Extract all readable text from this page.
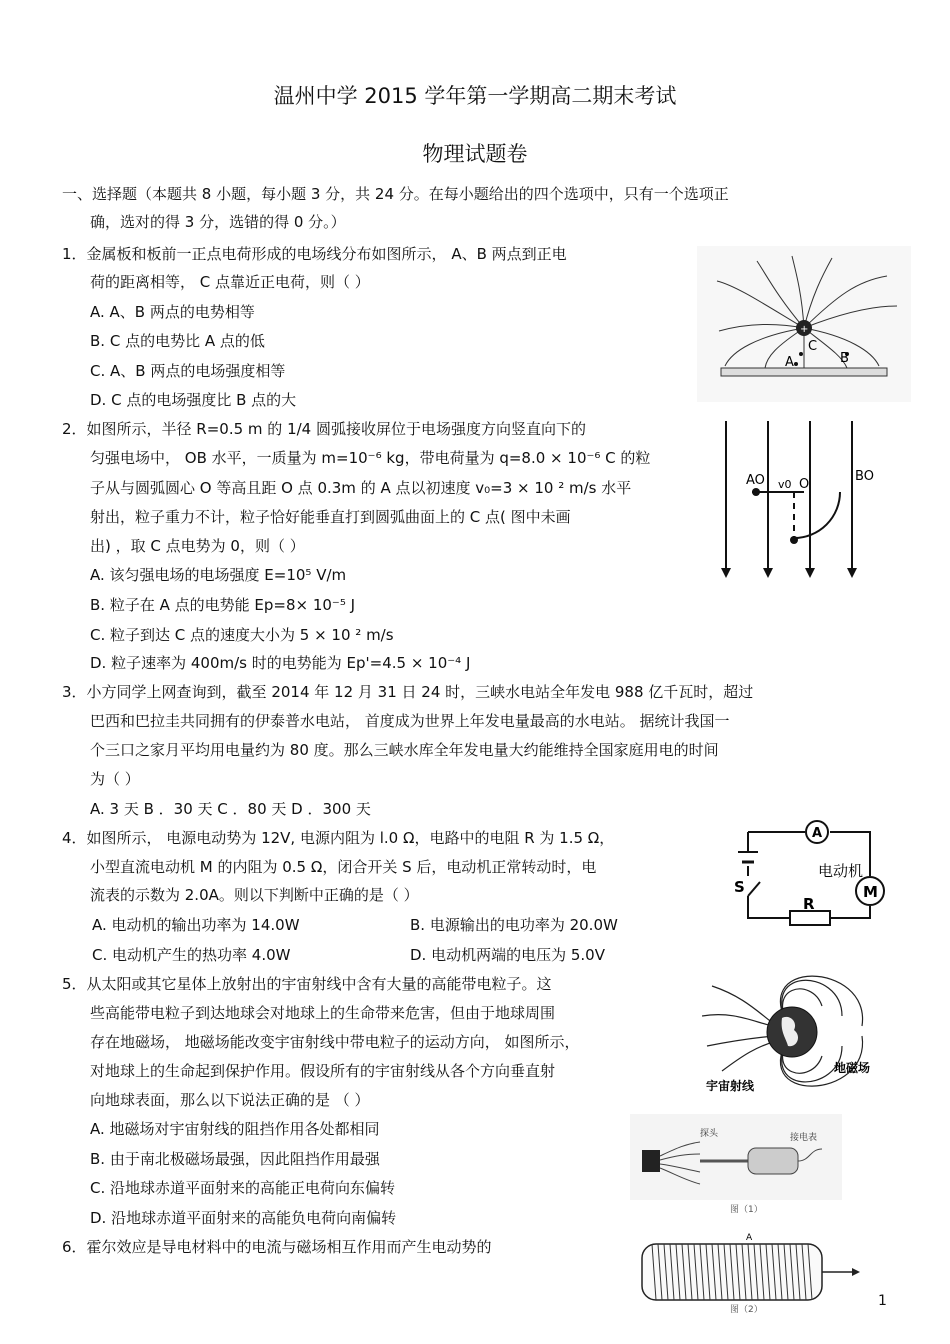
温州中学 2015 学年第一学期高二期末考试
物理试题卷
一、选择题（本题共 8 小题，每小题 3 分，共 24 分。在每小题给出的四个选项中，只有一个选项正
确，选对的得 3 分，选错的得 0 分。）
1．金属板和板前一正点电荷形成的电场线分布如图所示， A、B 两点到正电
荷的距离相等， C 点靠近正电荷，则（ ）
A. A、B 两点的电势相等
B. C 点的电势比 A 点的低
C. A、B 两点的电场强度相等
D. C 点的电场强度比 B 点的大
+
C
A	B
2．如图所示，半径 R=0.5 m 的 1/4 圆弧接收屏位于电场强度方向竖直向下的
匀强电场中， OB 水平，一质量为 m=10⁻⁶ kg，带电荷量为 q=8.0 × 10⁻⁶ C 的粒
子从与圆弧圆心 O 等高且距 O 点 0.3m 的 A 点以初速度 v₀=3 × 10 ² m/s 水平
射出，粒子重力不计，粒子恰好能垂直打到圆弧曲面上的 C 点( 图中未画
出) ，取 C 点电势为 0，则（ ）
A. 该匀强电场的电场强度 E=10⁵ V/m
B. 粒子在 A 点的电势能 Ep=8× 10⁻⁵ J
C. 粒子到达 C 点的速度大小为 5 × 10 ² m/s
D. 粒子速率为 400m/s 时的电势能为 Ep'=4.5 × 10⁻⁴ J
AO v0 O
BO
3．小方同学上网查询到，截至 2014 年 12 月 31 日 24 时，三峡水电站全年发电 988 亿千瓦时，超过
巴西和巴拉圭共同拥有的伊泰普水电站， 首度成为世界上年发电量最高的水电站。 据统计我国一
个三口之家月平均用电量约为 80 度。那么三峡水库全年发电量大约能维持全国家庭用电的时间
为（ ）
A. 3 天 B ．30 天 C ．80 天 D ．300 天
4．如图所示， 电源电动势为 12V, 电源内阻为 l.0 Ω，电路中的电阻 R 为 1.5 Ω，
小型直流电动机 M 的内阻为 0.5 Ω，闭合开关 S 后，电动机正常转动时，电
流表的示数为 2.0A。则以下判断中正确的是（ ）
A. 电动机的输出功率为 14.0W	B. 电源输出的电功率为 20.0W
C. 电动机产生的热功率 4.0W	D. 电动机两端的电压为 5.0V
A
电动机
S	M
R
5．从太阳或其它星体上放射出的宇宙射线中含有大量的高能带电粒子。这
些高能带电粒子到达地球会对地球上的生命带来危害，但由于地球周围
存在地磁场， 地磁场能改变宇宙射线中带电粒子的运动方向， 如图所示，
对地球上的生命起到保护作用。假设所有的宇宙射线从各个方向垂直射
向地球表面，那么以下说法正确的是 （ ）
A. 地磁场对宇宙射线的阻挡作用各处都相同
B. 由于南北极磁场最强，因此阻挡作用最强
C. 沿地球赤道平面射来的高能正电荷向东偏转
D. 沿地球赤道平面射来的高能负电荷向南偏转
地磁场
宇宙射线
6．霍尔效应是导电材料中的电流与磁场相互作用而产生电动势的
探头	接电表
图（1）
A
图（2）
1
